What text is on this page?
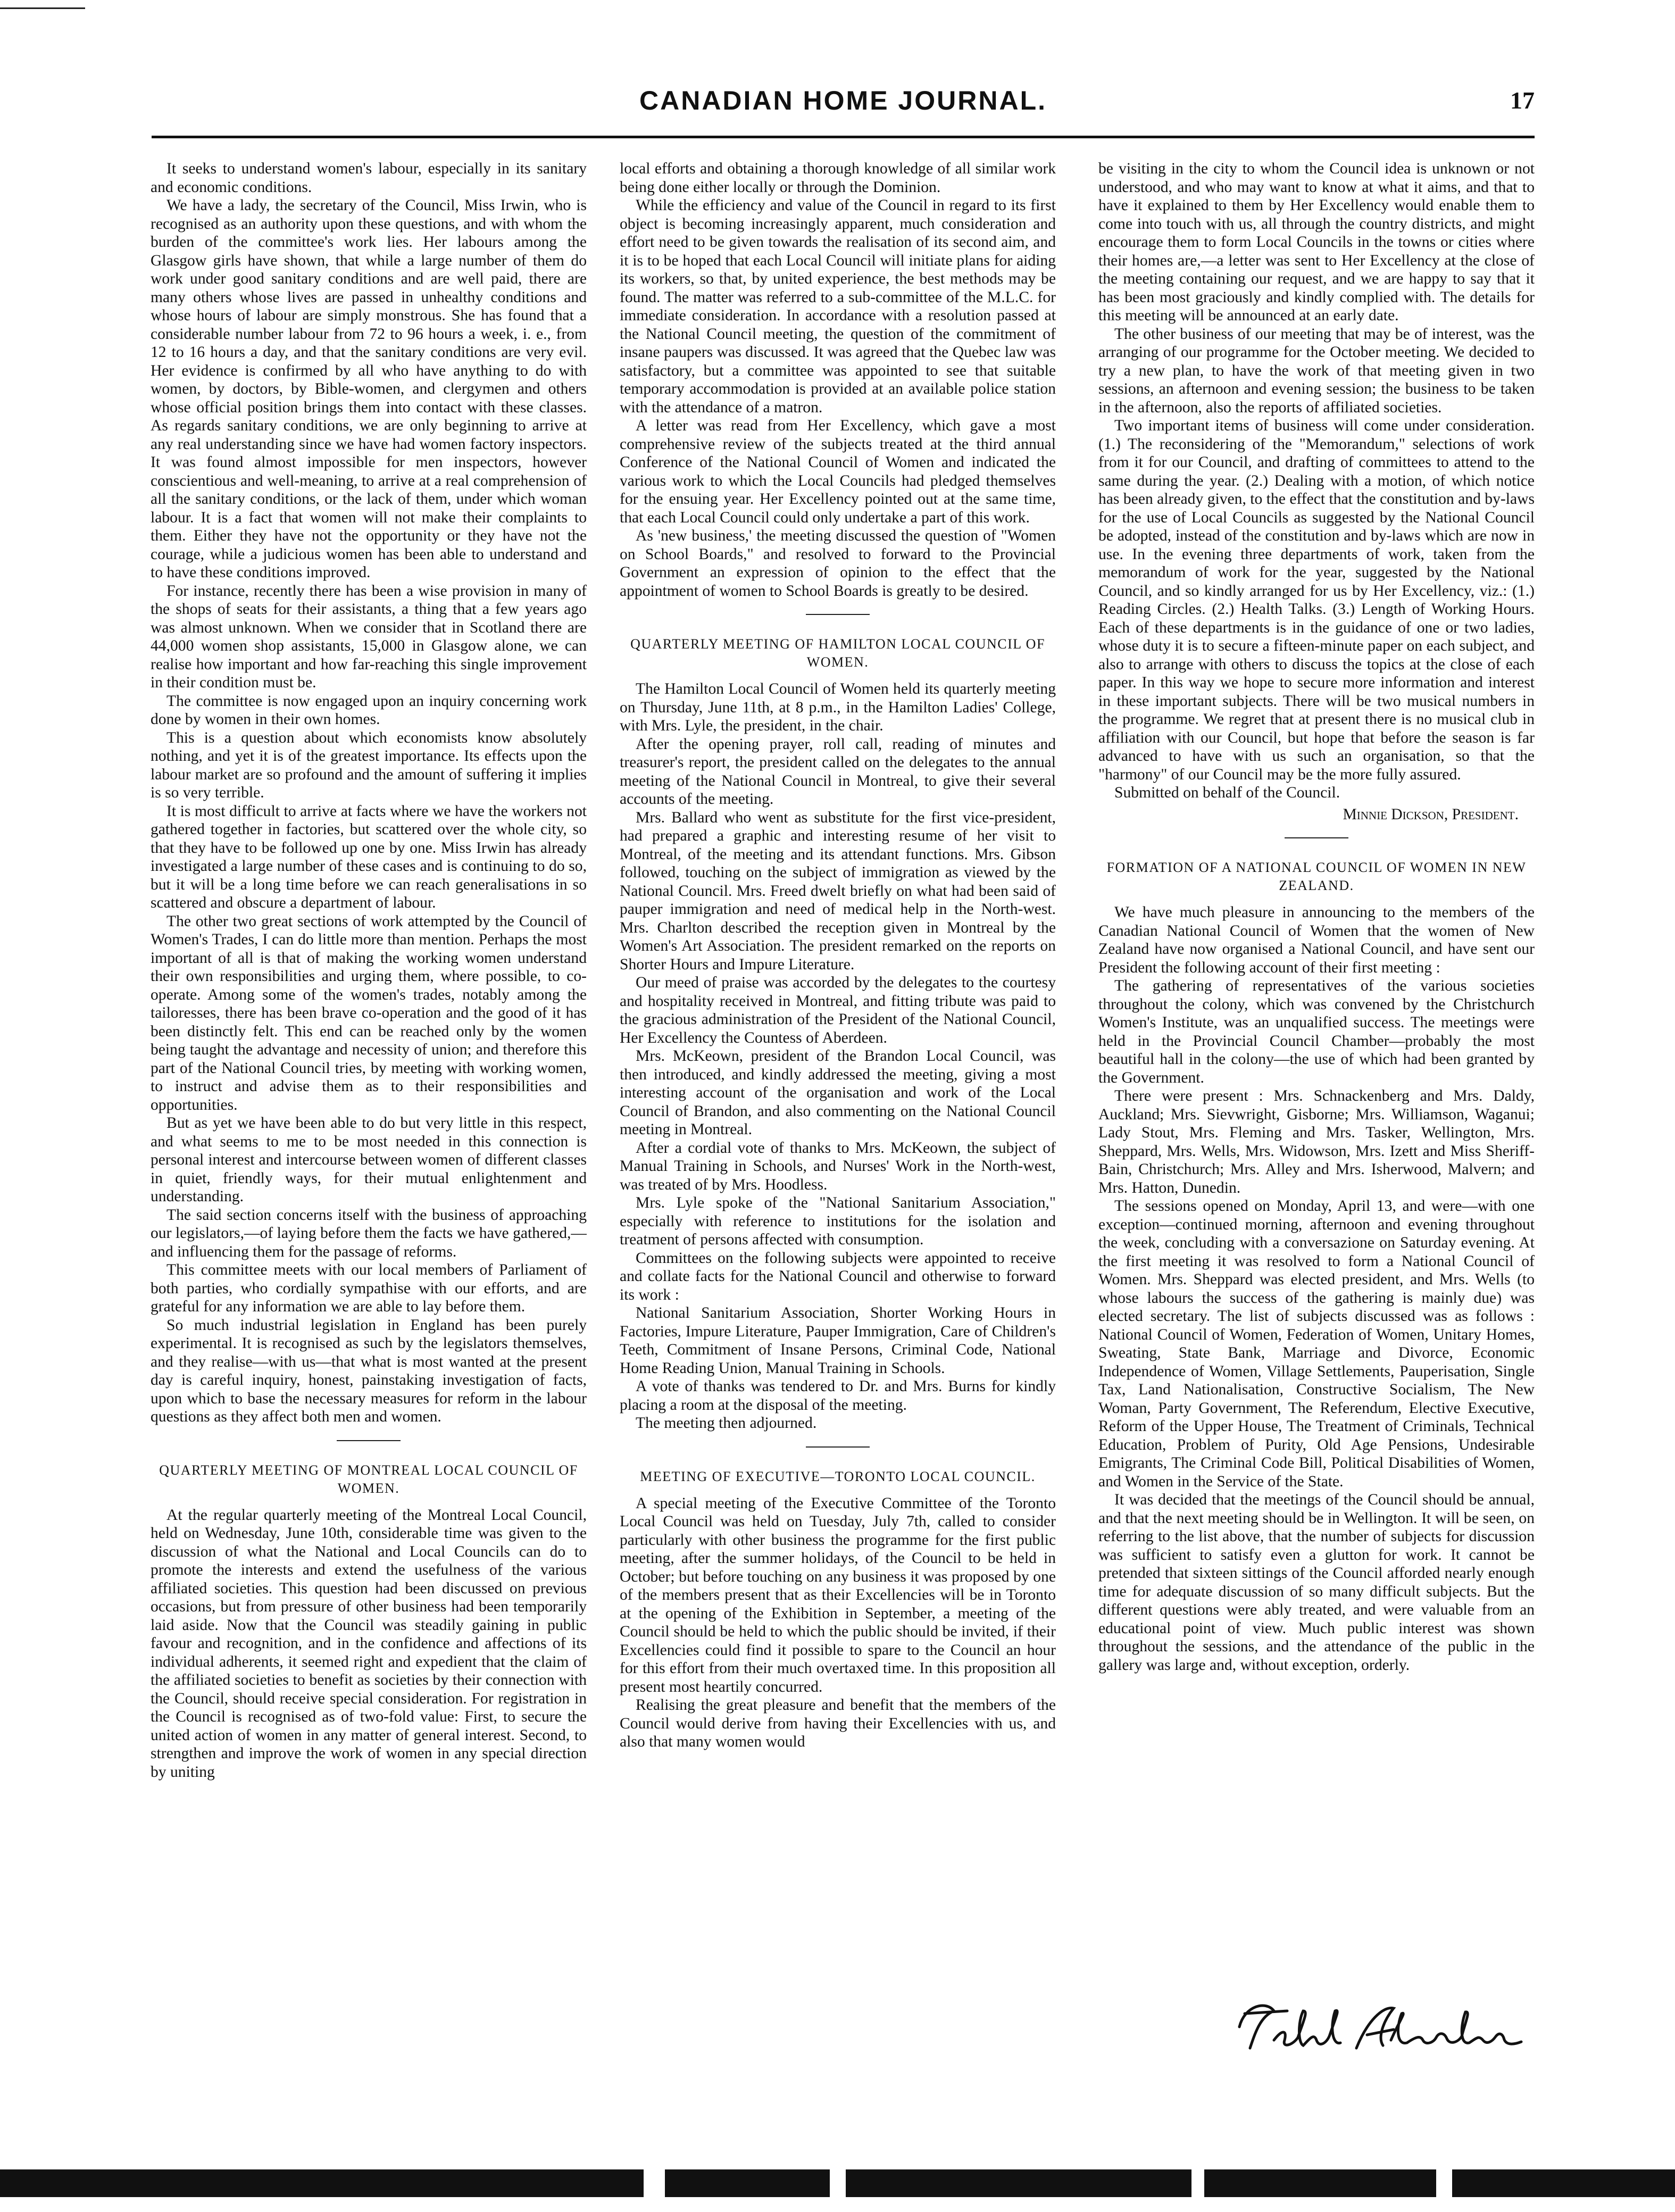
CANADIAN HOME JOURNAL.	17

It seeks to understand women's labour, especially in its sanitary and economic conditions.

We have a lady, the secretary of the Council, Miss Irwin, who is recognised as an authority upon these questions, and with whom the burden of the committee's work lies. Her labours among the Glasgow girls have shown, that while a large number of them do work under good sanitary conditions and are well paid, there are many others whose lives are passed in unhealthy conditions and whose hours of labour are simply monstrous. She has found that a considerable number labour from 72 to 96 hours a week, i. e., from 12 to 16 hours a day, and that the sanitary conditions are very evil. Her evidence is confirmed by all who have anything to do with women, by doctors, by Bible-women, and clergymen and others whose official position brings them into contact with these classes. As regards sanitary conditions, we are only beginning to arrive at any real understanding since we have had women factory inspectors. It was found almost impossible for men inspectors, however conscientious and well-meaning, to arrive at a real comprehension of all the sanitary conditions, or the lack of them, under which woman labour. It is a fact that women will not make their complaints to them. Either they have not the opportunity or they have not the courage, while a judicious women has been able to understand and to have these conditions improved.

For instance, recently there has been a wise provision in many of the shops of seats for their assistants, a thing that a few years ago was almost unknown. When we consider that in Scotland there are 44,000 women shop assistants, 15,000 in Glasgow alone, we can realise how important and how far-reaching this single improvement in their condition must be.

The committee is now engaged upon an inquiry concerning work done by women in their own homes.

This is a question about which economists know absolutely nothing, and yet it is of the greatest importance. Its effects upon the labour market are so profound and the amount of suffering it implies is so very terrible.

It is most difficult to arrive at facts where we have the workers not gathered together in factories, but scattered over the whole city, so that they have to be followed up one by one. Miss Irwin has already investigated a large number of these cases and is continuing to do so, but it will be a long time before we can reach generalisations in so scattered and obscure a department of labour.

The other two great sections of work attempted by the Council of Women's Trades, I can do little more than mention. Perhaps the most important of all is that of making the working women understand their own responsibilities and urging them, where possible, to co-operate. Among some of the women's trades, notably among the tailoresses, there has been brave co-operation and the good of it has been distinctly felt. This end can be reached only by the women being taught the advantage and necessity of union; and therefore this part of the National Council tries, by meeting with working women, to instruct and advise them as to their responsibilities and opportunities.

But as yet we have been able to do but very little in this respect, and what seems to me to be most needed in this connection is personal interest and intercourse between women of different classes in quiet, friendly ways, for their mutual enlightenment and understanding.

The said section concerns itself with the business of approaching our legislators,—of laying before them the facts we have gathered,—and influencing them for the passage of reforms.

This committee meets with our local members of Parliament of both parties, who cordially sympathise with our efforts, and are grateful for any information we are able to lay before them.

So much industrial legislation in England has been purely experimental. It is recognised as such by the legislators themselves, and they realise—with us—that what is most wanted at the present day is careful inquiry, honest, painstaking investigation of facts, upon which to base the necessary measures for reform in the labour questions as they affect both men and women.

QUARTERLY MEETING OF MONTREAL LOCAL COUNCIL OF WOMEN.

At the regular quarterly meeting of the Montreal Local Council, held on Wednesday, June 10th, considerable time was given to the discussion of what the National and Local Councils can do to promote the interests and extend the usefulness of the various affiliated societies. This question had been discussed on previous occasions, but from pressure of other business had been temporarily laid aside. Now that the Council was steadily gaining in public favour and recognition, and in the confidence and affections of its individual adherents, it seemed right and expedient that the claim of the affiliated societies to benefit as societies by their connection with the Council, should receive special consideration. For registration in the Council is recognised as of two-fold value: First, to secure the united action of women in any matter of general interest. Second, to strengthen and improve the work of women in any special direction by uniting

local efforts and obtaining a thorough knowledge of all similar work being done either locally or through the Dominion.

While the efficiency and value of the Council in regard to its first object is becoming increasingly apparent, much consideration and effort need to be given towards the realisation of its second aim, and it is to be hoped that each Local Council will initiate plans for aiding its workers, so that, by united experience, the best methods may be found. The matter was referred to a sub-committee of the M.L.C. for immediate consideration. In accordance with a resolution passed at the National Council meeting, the question of the commitment of insane paupers was discussed. It was agreed that the Quebec law was satisfactory, but a committee was appointed to see that suitable temporary accommodation is provided at an available police station with the attendance of a matron.

A letter was read from Her Excellency, which gave a most comprehensive review of the subjects treated at the third annual Conference of the National Council of Women and indicated the various work to which the Local Councils had pledged themselves for the ensuing year. Her Excellency pointed out at the same time, that each Local Council could only undertake a part of this work.

As 'new business,' the meeting discussed the question of "Women on School Boards," and resolved to forward to the Provincial Government an expression of opinion to the effect that the appointment of women to School Boards is greatly to be desired.

QUARTERLY MEETING OF HAMILTON LOCAL COUNCIL OF WOMEN.

The Hamilton Local Council of Women held its quarterly meeting on Thursday, June 11th, at 8 p.m., in the Hamilton Ladies' College, with Mrs. Lyle, the president, in the chair.

After the opening prayer, roll call, reading of minutes and treasurer's report, the president called on the delegates to the annual meeting of the National Council in Montreal, to give their several accounts of the meeting.

Mrs. Ballard who went as substitute for the first vice-president, had prepared a graphic and interesting resume of her visit to Montreal, of the meeting and its attendant functions. Mrs. Gibson followed, touching on the subject of immigration as viewed by the National Council. Mrs. Freed dwelt briefly on what had been said of pauper immigration and need of medical help in the North-west. Mrs. Charlton described the reception given in Montreal by the Women's Art Association. The president remarked on the reports on Shorter Hours and Impure Literature.

Our meed of praise was accorded by the delegates to the courtesy and hospitality received in Montreal, and fitting tribute was paid to the gracious administration of the President of the National Council, Her Excellency the Countess of Aberdeen.

Mrs. McKeown, president of the Brandon Local Council, was then introduced, and kindly addressed the meeting, giving a most interesting account of the organisation and work of the Local Council of Brandon, and also commenting on the National Council meeting in Montreal.

After a cordial vote of thanks to Mrs. McKeown, the subject of Manual Training in Schools, and Nurses' Work in the North-west, was treated of by Mrs. Hoodless.

Mrs. Lyle spoke of the "National Sanitarium Association," especially with reference to institutions for the isolation and treatment of persons affected with consumption.

Committees on the following subjects were appointed to receive and collate facts for the National Council and otherwise to forward its work :

National Sanitarium Association, Shorter Working Hours in Factories, Impure Literature, Pauper Immigration, Care of Children's Teeth, Commitment of Insane Persons, Criminal Code, National Home Reading Union, Manual Training in Schools.

A vote of thanks was tendered to Dr. and Mrs. Burns for kindly placing a room at the disposal of the meeting.

The meeting then adjourned.

MEETING OF EXECUTIVE—TORONTO LOCAL COUNCIL.

A special meeting of the Executive Committee of the Toronto Local Council was held on Tuesday, July 7th, called to consider particularly with other business the programme for the first public meeting, after the summer holidays, of the Council to be held in October; but before touching on any business it was proposed by one of the members present that as their Excellencies will be in Toronto at the opening of the Exhibition in September, a meeting of the Council should be held to which the public should be invited, if their Excellencies could find it possible to spare to the Council an hour for this effort from their much overtaxed time. In this proposition all present most heartily concurred.

Realising the great pleasure and benefit that the members of the Council would derive from having their Excellencies with us, and also that many women would

be visiting in the city to whom the Council idea is unknown or not understood, and who may want to know at what it aims, and that to have it explained to them by Her Excellency would enable them to come into touch with us, all through the country districts, and might encourage them to form Local Councils in the towns or cities where their homes are,—a letter was sent to Her Excellency at the close of the meeting containing our request, and we are happy to say that it has been most graciously and kindly complied with. The details for this meeting will be announced at an early date.

The other business of our meeting that may be of interest, was the arranging of our programme for the October meeting. We decided to try a new plan, to have the work of that meeting given in two sessions, an afternoon and evening session; the business to be taken in the afternoon, also the reports of affiliated societies.

Two important items of business will come under consideration. (1.) The reconsidering of the "Memorandum," selections of work from it for our Council, and drafting of committees to attend to the same during the year. (2.) Dealing with a motion, of which notice has been already given, to the effect that the constitution and by-laws for the use of Local Councils as suggested by the National Council be adopted, instead of the constitution and by-laws which are now in use. In the evening three departments of work, taken from the memorandum of work for the year, suggested by the National Council, and so kindly arranged for us by Her Excellency, viz.: (1.) Reading Circles. (2.) Health Talks. (3.) Length of Working Hours. Each of these departments is in the guidance of one or two ladies, whose duty it is to secure a fifteen-minute paper on each subject, and also to arrange with others to discuss the topics at the close of each paper. In this way we hope to secure more information and interest in these important subjects. There will be two musical numbers in the programme. We regret that at present there is no musical club in affiliation with our Council, but hope that before the season is far advanced to have with us such an organisation, so that the "harmony" of our Council may be the more fully assured.

Submitted on behalf of the Council.

Minnie Dickson, President.
FORMATION OF A NATIONAL COUNCIL OF WOMEN IN NEW ZEALAND.

We have much pleasure in announcing to the members of the Canadian National Council of Women that the women of New Zealand have now organised a National Council, and have sent our President the following account of their first meeting :

The gathering of representatives of the various societies throughout the colony, which was convened by the Christchurch Women's Institute, was an unqualified success. The meetings were held in the Provincial Council Chamber—probably the most beautiful hall in the colony—the use of which had been granted by the Government.

There were present : Mrs. Schnackenberg and Mrs. Daldy, Auckland; Mrs. Sievwright, Gisborne; Mrs. Williamson, Waganui; Lady Stout, Mrs. Fleming and Mrs. Tasker, Wellington, Mrs. Sheppard, Mrs. Wells, Mrs. Widowson, Mrs. Izett and Miss Sheriff-Bain, Christchurch; Mrs. Alley and Mrs. Isherwood, Malvern; and Mrs. Hatton, Dunedin.

The sessions opened on Monday, April 13, and were—with one exception—continued morning, afternoon and evening throughout the week, concluding with a conversazione on Saturday evening. At the first meeting it was resolved to form a National Council of Women. Mrs. Sheppard was elected president, and Mrs. Wells (to whose labours the success of the gathering is mainly due) was elected secretary. The list of subjects discussed was as follows : National Council of Women, Federation of Women, Unitary Homes, Sweating, State Bank, Marriage and Divorce, Economic Independence of Women, Village Settlements, Pauperisation, Single Tax, Land Nationalisation, Constructive Socialism, The New Woman, Party Government, The Referendum, Elective Executive, Reform of the Upper House, The Treatment of Criminals, Technical Education, Problem of Purity, Old Age Pensions, Undesirable Emigrants, The Criminal Code Bill, Political Disabilities of Women, and Women in the Service of the State.

It was decided that the meetings of the Council should be annual, and that the next meeting should be in Wellington. It will be seen, on referring to the list above, that the number of subjects for discussion was sufficient to satisfy even a glutton for work. It cannot be pretended that sixteen sittings of the Council afforded nearly enough time for adequate discussion of so many difficult subjects. But the different questions were ably treated, and were valuable from an educational point of view. Much public interest was shown throughout the sessions, and the attendance of the public in the gallery was large and, without exception, orderly.
